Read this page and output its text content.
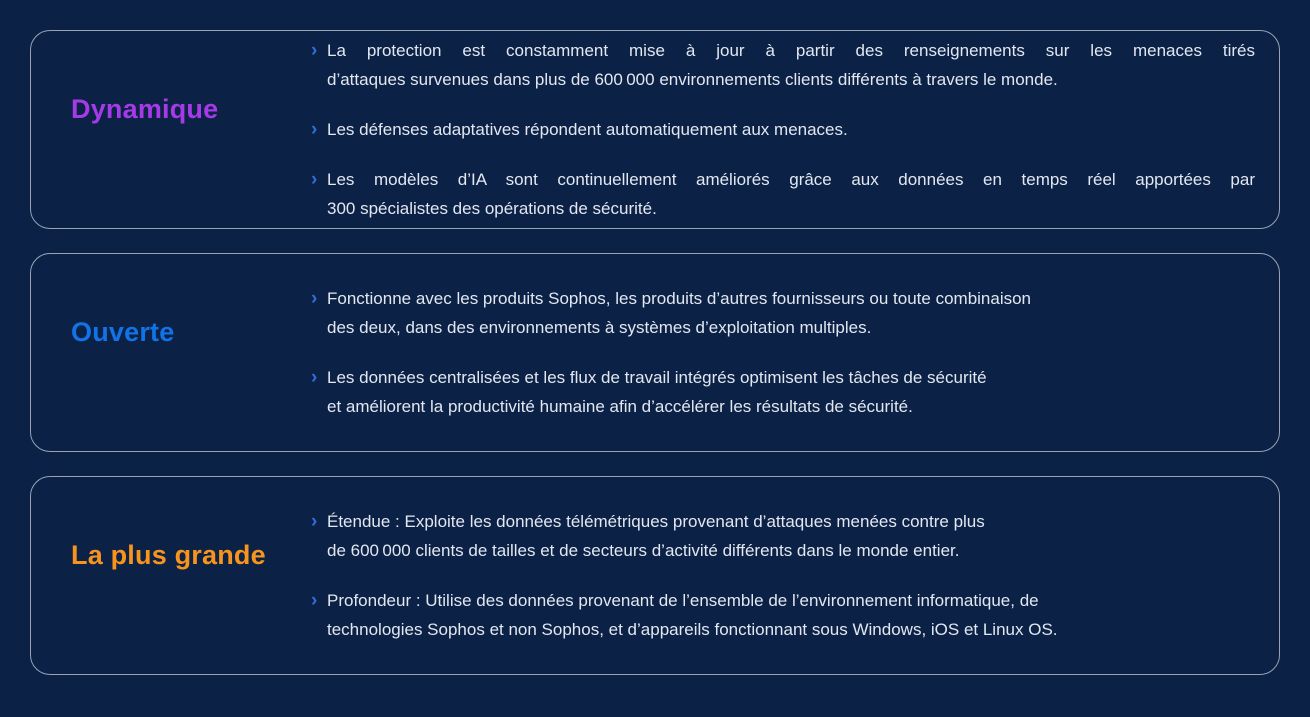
Dynamique
› La protection est constamment mise à jour à partir des renseignements sur les menaces tirés
d’attaques survenues dans plus de 600 000 environnements clients différents à travers le monde.
› Les défenses adaptatives répondent automatiquement aux menaces.
› Les modèles d’IA sont continuellement améliorés grâce aux données en temps réel apportées par
300 spécialistes des opérations de sécurité.
Ouverte
› Fonctionne avec les produits Sophos, les produits d’autres fournisseurs ou toute combinaison
des deux, dans des environnements à systèmes d’exploitation multiples.
› Les données centralisées et les flux de travail intégrés optimisent les tâches de sécurité
et améliorent la productivité humaine afin d’accélérer les résultats de sécurité.
La plus grande
› Étendue : Exploite les données télémétriques provenant d’attaques menées contre plus
de 600 000 clients de tailles et de secteurs d’activité différents dans le monde entier.
› Profondeur : Utilise des données provenant de l’ensemble de l’environnement informatique, de
technologies Sophos et non Sophos, et d’appareils fonctionnant sous Windows, iOS et Linux OS.
